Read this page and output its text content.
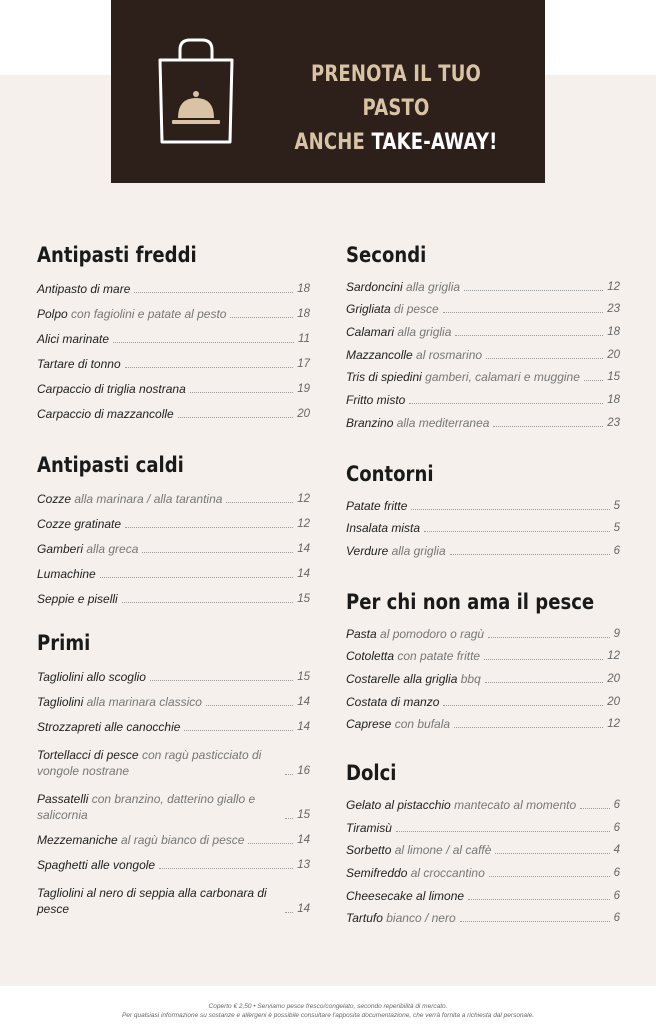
PRENOTA IL TUO PASTO
ANCHE TAKE-AWAY!
Antipasti freddi
Antipasto di mare	18
Polpo con fagiolini e patate al pesto	18
Alici marinate	11
Tartare di tonno	17
Carpaccio di triglia nostrana	19
Carpaccio di mazzancolle	20
Antipasti caldi
Cozze alla marinara / alla tarantina	12
Cozze gratinate	12
Gamberi alla greca	14
Lumachine	14
Seppie e piselli	15
Primi
Tagliolini allo scoglio	15
Tagliolini alla marinara classico	14
Strozzapreti alle canocchie	14
Tortellacci di pesce con ragù pasticciato di vongole nostrane	16
Passatelli con branzino, datterino giallo e salicornia	15
Mezzemaniche al ragù bianco di pesce	14
Spaghetti alle vongole	13
Tagliolini al nero di seppia alla carbonara di pesce	14
Secondi
Sardoncini alla griglia	12
Grigliata di pesce	23
Calamari alla griglia	18
Mazzancolle al rosmarino	20
Tris di spiedini gamberi, calamari e muggine 15
Fritto misto	18
Branzino alla mediterranea	23
Contorni
Patate fritte	5
Insalata mista	5
Verdure alla griglia	6
Per chi non ama il pesce
Pasta al pomodoro o ragù	9
Cotoletta con patate fritte	12
Costarelle alla griglia bbq	20
Costata di manzo	20
Caprese con bufala	12
Dolci
Gelato al pistacchio mantecato al momento	6
Tiramisù	6
Sorbetto al limone / al caffè	4
Semifreddo al croccantino	6
Cheesecake al limone	6
Tartufo bianco / nero	6
Coperto € 2,50 • Serviamo pesce fresco/congelato, secondo reperibilità di mercato.
Per qualsiasi informazione su sostanze e allergeni è possibile consultare l'apposita documentazione, che verrà fornita a richiesta dal personale.
